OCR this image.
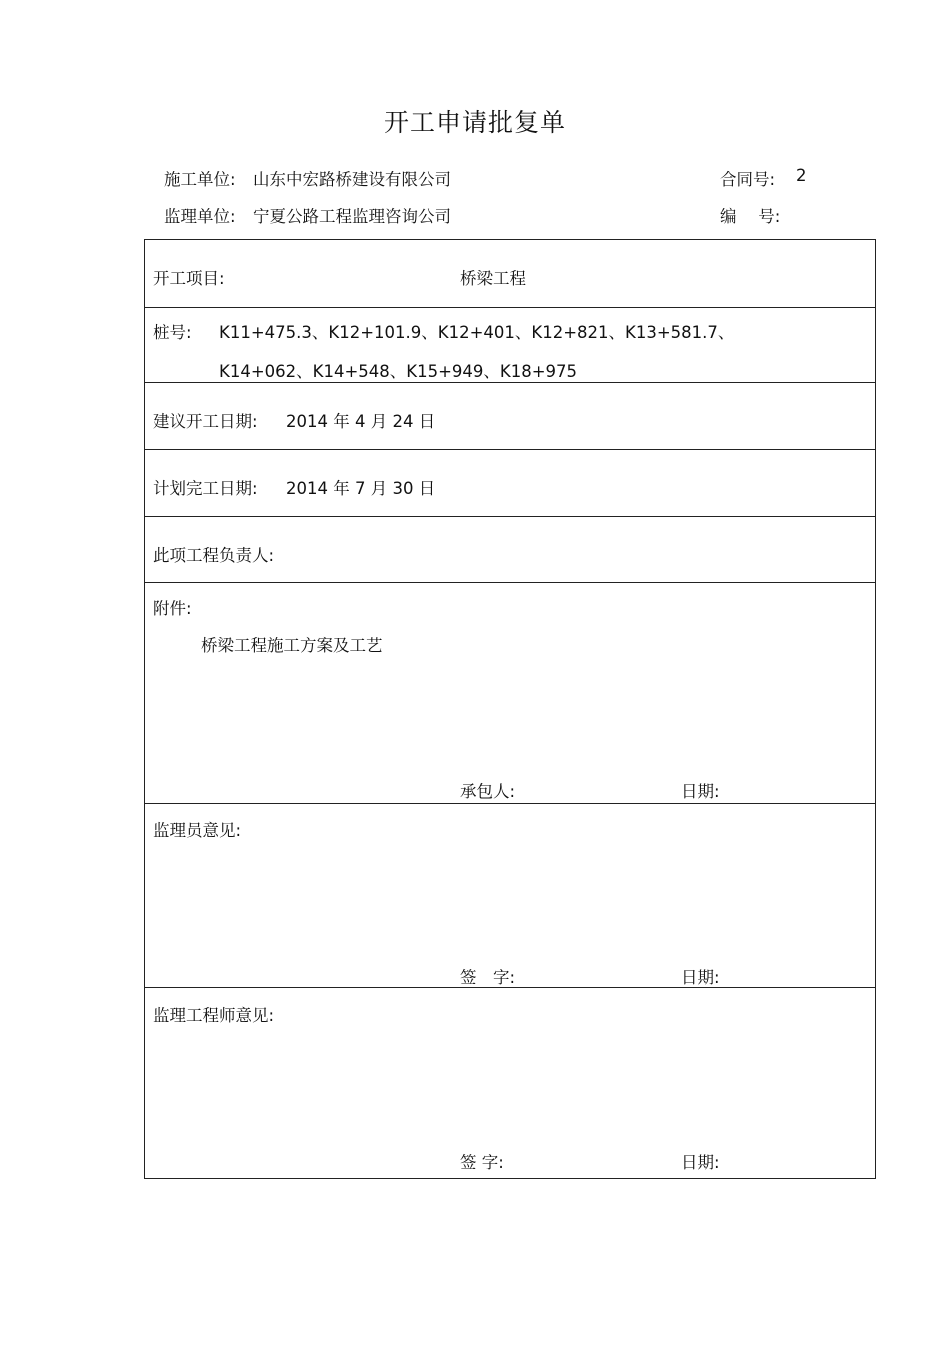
开工申请批复单
施工单位: 山东中宏路桥建设有限公司	合同号: 2
监理单位: 宁夏公路工程监理咨询公司	编　 号:
开工项目:	桥梁工程
桩号: K11+475.3、K12+101.9、K12+401、K12+821、K13+581.7、
K14+062、K14+548、K15+949、K18+975
建议开工日期: 2014 年 4 月 24 日
计划完工日期: 2014 年 7 月 30 日
此项工程负责人:
附件:
桥梁工程施工方案及工艺
承包人:	日期:
监理员意见:
签　字:	日期:
监理工程师意见:
签 字:	日期:
